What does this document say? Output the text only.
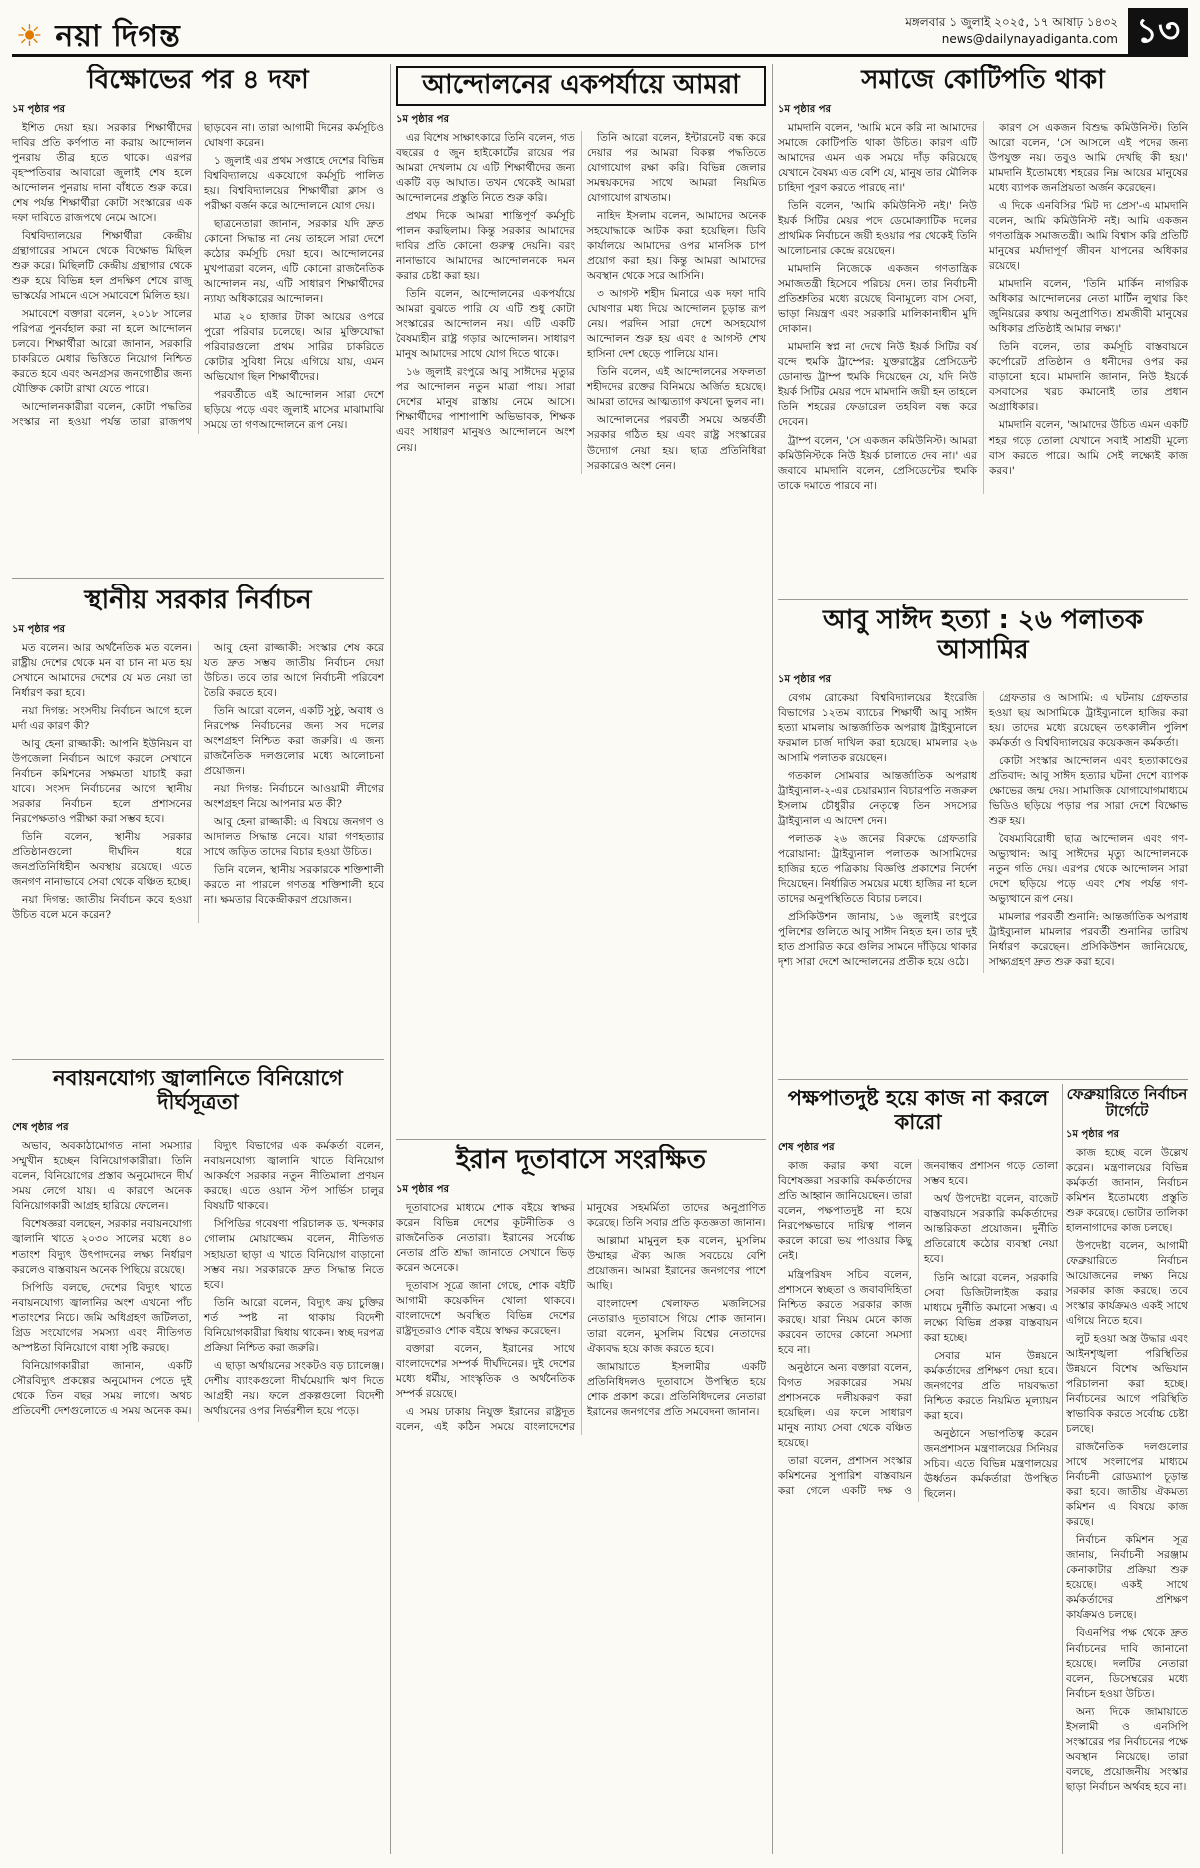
☀ নয়া দিগন্ত	মঙ্গলবার ১ জুলাই ২০২৫, ১৭ আষাঢ় ১৪৩২
news@dailynayadiganta.com ১৩
বিক্ষোভের পর ৪ দফা
১ম পৃষ্ঠার পর

ইশিত দেয়া হয়। সরকার শিক্ষার্থীদের দাবির প্রতি কর্ণপাত না করায় আন্দোলন পুনরায় তীব্র হতে থাকে। এরপর বৃহস্পতিবার আবারো জুলাই শেষ হলে আন্দোলন পুনরায় দানা বাঁধতে শুরু করে। শেষ পর্যন্ত শিক্ষার্থীরা কোটা সংস্কারের এক দফা দাবিতে রাজপথে নেমে আসে।

বিশ্ববিদ্যালয়ের শিক্ষার্থীরা কেন্দ্রীয় গ্রন্থাগারের সামনে থেকে বিক্ষোভ মিছিল শুরু করে। মিছিলটি কেন্দ্রীয় গ্রন্থাগার থেকে শুরু হয়ে বিভিন্ন হল প্রদক্ষিণ শেষে রাজু ভাস্কর্যের সামনে এসে সমাবেশে মিলিত হয়।

সমাবেশে বক্তারা বলেন, ২০১৮ সালের পরিপত্র পুনর্বহাল করা না হলে আন্দোলন চলবে। শিক্ষার্থীরা আরো জানান, সরকারি চাকরিতে মেধার ভিত্তিতে নিয়োগ নিশ্চিত করতে হবে এবং অনগ্রসর জনগোষ্ঠীর জন্য যৌক্তিক কোটা রাখা যেতে পারে।

আন্দোলনকারীরা বলেন, কোটা পদ্ধতির সংস্কার না হওয়া পর্যন্ত তারা রাজপথ ছাড়বেন না। তারা আগামী দিনের কর্মসূচিও ঘোষণা করেন।

১ জুলাই এর প্রথম সপ্তাহে দেশের বিভিন্ন বিশ্ববিদ্যালয়ে একযোগে কর্মসূচি পালিত হয়। বিশ্ববিদ্যালয়ের শিক্ষার্থীরা ক্লাস ও পরীক্ষা বর্জন করে আন্দোলনে যোগ দেয়।

ছাত্রনেতারা জানান, সরকার যদি দ্রুত কোনো সিদ্ধান্ত না নেয় তাহলে সারা দেশে কঠোর কর্মসূচি দেয়া হবে। আন্দোলনের মুখপাত্ররা বলেন, এটি কোনো রাজনৈতিক আন্দোলন নয়, এটি সাধারণ শিক্ষার্থীদের ন্যায্য অধিকারের আন্দোলন।

মাত্র ২০ হাজার টাকা আয়ের ওপরে পুরো পরিবার চলেছে। আর মুক্তিযোদ্ধা পরিবারগুলো প্রথম সারির চাকরিতে কোটার সুবিধা নিয়ে এগিয়ে যায়, এমন অভিযোগ ছিল শিক্ষার্থীদের।

পরবর্তীতে এই আন্দোলন সারা দেশে ছড়িয়ে পড়ে এবং জুলাই মাসের মাঝামাঝি সময়ে তা গণআন্দোলনে রূপ নেয়।

স্থানীয় সরকার নির্বাচন
১ম পৃষ্ঠার পর

মত বলেন। আর অর্থনৈতিক মত বলেন। রাষ্ট্রীয় দেশের থেকে মন বা চান না মত হয় সেখানে আমাদের দেশের যে মত নেয়া তা নির্ধারণ করা হবে।

নয়া দিগন্ত: সংসদীয় নির্বাচন আগে হলে মর্দা এর কারণ কী?

আবু হেনা রাজ্জাকী: আপনি ইউনিয়ন বা উপজেলা নির্বাচন আগে করলে সেখানে নির্বাচন কমিশনের সক্ষমতা যাচাই করা যাবে। সংসদ নির্বাচনের আগে স্থানীয় সরকার নির্বাচন হলে প্রশাসনের নিরপেক্ষতাও পরীক্ষা করা সম্ভব হবে।

তিনি বলেন, স্থানীয় সরকার প্রতিষ্ঠানগুলো দীর্ঘদিন ধরে জনপ্রতিনিধিহীন অবস্থায় রয়েছে। এতে জনগণ নানাভাবে সেবা থেকে বঞ্চিত হচ্ছে।

নয়া দিগন্ত: জাতীয় নির্বাচন কবে হওয়া উচিত বলে মনে করেন?

আবু হেনা রাজ্জাকী: সংস্কার শেষ করে যত দ্রুত সম্ভব জাতীয় নির্বাচন দেয়া উচিত। তবে তার আগে নির্বাচনী পরিবেশ তৈরি করতে হবে।

তিনি আরো বলেন, একটি সুষ্ঠু, অবাধ ও নিরপেক্ষ নির্বাচনের জন্য সব দলের অংশগ্রহণ নিশ্চিত করা জরুরি। এ জন্য রাজনৈতিক দলগুলোর মধ্যে আলোচনা প্রয়োজন।

নয়া দিগন্ত: নির্বাচনে আওয়ামী লীগের অংশগ্রহণ নিয়ে আপনার মত কী?

আবু হেনা রাজ্জাকী: এ বিষয়ে জনগণ ও আদালত সিদ্ধান্ত নেবে। যারা গণহত্যার সাথে জড়িত তাদের বিচার হওয়া উচিত।

তিনি বলেন, স্থানীয় সরকারকে শক্তিশালী করতে না পারলে গণতন্ত্র শক্তিশালী হবে না। ক্ষমতার বিকেন্দ্রীকরণ প্রয়োজন।

নবায়নযোগ্য জ্বালানিতে বিনিয়োগে দীর্ঘসূত্রতা
শেষ পৃষ্ঠার পর

অভাব, অবকাঠামোগত নানা সমস্যার সম্মুখীন হচ্ছেন বিনিয়োগকারীরা। তিনি বলেন, বিনিয়োগের প্রস্তাব অনুমোদনে দীর্ঘ সময় লেগে যায়। এ কারণে অনেক বিনিয়োগকারী আগ্রহ হারিয়ে ফেলেন।

বিশেষজ্ঞরা বলছেন, সরকার নবায়নযোগ্য জ্বালানি খাতে ২০৩০ সালের মধ্যে ৪০ শতাংশ বিদ্যুৎ উৎপাদনের লক্ষ্য নির্ধারণ করলেও বাস্তবায়ন অনেক পিছিয়ে রয়েছে।

সিপিডি বলছে, দেশের বিদ্যুৎ খাতে নবায়নযোগ্য জ্বালানির অংশ এখনো পাঁচ শতাংশের নিচে। জমি অধিগ্রহণ জটিলতা, গ্রিড সংযোগের সমস্যা এবং নীতিগত অস্পষ্টতা বিনিয়োগে বাধা সৃষ্টি করছে।

বিনিয়োগকারীরা জানান, একটি সৌরবিদ্যুৎ প্রকল্পের অনুমোদন পেতে দুই থেকে তিন বছর সময় লাগে। অথচ প্রতিবেশী দেশগুলোতে এ সময় অনেক কম।

বিদ্যুৎ বিভাগের এক কর্মকর্তা বলেন, নবায়নযোগ্য জ্বালানি খাতে বিনিয়োগ আকর্ষণে সরকার নতুন নীতিমালা প্রণয়ন করছে। এতে ওয়ান স্টপ সার্ভিস চালুর বিষয়টি থাকবে।

সিপিডির গবেষণা পরিচালক ড. খন্দকার গোলাম মোয়াজ্জেম বলেন, নীতিগত সহায়তা ছাড়া এ খাতে বিনিয়োগ বাড়ানো সম্ভব নয়। সরকারকে দ্রুত সিদ্ধান্ত নিতে হবে।

তিনি আরো বলেন, বিদ্যুৎ ক্রয় চুক্তির শর্ত স্পষ্ট না থাকায় বিদেশী বিনিয়োগকারীরা দ্বিধায় থাকেন। স্বচ্ছ দরপত্র প্রক্রিয়া নিশ্চিত করা জরুরি।

এ ছাড়া অর্থায়নের সংকটও বড় চ্যালেঞ্জ। দেশীয় ব্যাংকগুলো দীর্ঘমেয়াদি ঋণ দিতে আগ্রহী নয়। ফলে প্রকল্পগুলো বিদেশী অর্থায়নের ওপর নির্ভরশীল হয়ে পড়ে।

আন্দোলনের একপর্যায়ে আমরা
১ম পৃষ্ঠার পর

এর বিশেষ সাক্ষাৎকারে তিনি বলেন, গত বছরের ৫ জুন হাইকোর্টের রায়ের পর আমরা দেখলাম যে এটি শিক্ষার্থীদের জন্য একটি বড় আঘাত। তখন থেকেই আমরা আন্দোলনের প্রস্তুতি নিতে শুরু করি।

প্রথম দিকে আমরা শান্তিপূর্ণ কর্মসূচি পালন করছিলাম। কিন্তু সরকার আমাদের দাবির প্রতি কোনো গুরুত্ব দেয়নি। বরং নানাভাবে আমাদের আন্দোলনকে দমন করার চেষ্টা করা হয়।

তিনি বলেন, আন্দোলনের একপর্যায়ে আমরা বুঝতে পারি যে এটি শুধু কোটা সংস্কারের আন্দোলন নয়। এটি একটি বৈষম্যহীন রাষ্ট্র গড়ার আন্দোলন। সাধারণ মানুষ আমাদের সাথে যোগ দিতে থাকে।

১৬ জুলাই রংপুরে আবু সাঈদের মৃত্যুর পর আন্দোলন নতুন মাত্রা পায়। সারা দেশের মানুষ রাস্তায় নেমে আসে। শিক্ষার্থীদের পাশাপাশি অভিভাবক, শিক্ষক এবং সাধারণ মানুষও আন্দোলনে অংশ নেয়।

তিনি আরো বলেন, ইন্টারনেট বন্ধ করে দেয়ার পর আমরা বিকল্প পদ্ধতিতে যোগাযোগ রক্ষা করি। বিভিন্ন জেলার সমন্বয়কদের সাথে আমরা নিয়মিত যোগাযোগ রাখতাম।

নাহিদ ইসলাম বলেন, আমাদের অনেক সহযোদ্ধাকে আটক করা হয়েছিল। ডিবি কার্যালয়ে আমাদের ওপর মানসিক চাপ প্রয়োগ করা হয়। কিন্তু আমরা আমাদের অবস্থান থেকে সরে আসিনি।

৩ আগস্ট শহীদ মিনারে এক দফা দাবি ঘোষণার মধ্য দিয়ে আন্দোলন চূড়ান্ত রূপ নেয়। পরদিন সারা দেশে অসহযোগ আন্দোলন শুরু হয় এবং ৫ আগস্ট শেখ হাসিনা দেশ ছেড়ে পালিয়ে যান।

তিনি বলেন, এই আন্দোলনের সফলতা শহীদদের রক্তের বিনিময়ে অর্জিত হয়েছে। আমরা তাদের আত্মত্যাগ কখনো ভুলব না।

আন্দোলনের পরবর্তী সময়ে অন্তর্বর্তী সরকার গঠিত হয় এবং রাষ্ট্র সংস্কারের উদ্যোগ নেয়া হয়। ছাত্র প্রতিনিধিরা সরকারেও অংশ নেন।

ইরান দূতাবাসে সংরক্ষিত
১ম পৃষ্ঠার পর

দূতাবাসের মাধ্যমে শোক বইয়ে স্বাক্ষর করেন বিভিন্ন দেশের কূটনীতিক ও রাজনৈতিক নেতারা। ইরানের সর্বোচ্চ নেতার প্রতি শ্রদ্ধা জানাতে সেখানে ভিড় করেন অনেকে।

দূতাবাস সূত্রে জানা গেছে, শোক বইটি আগামী কয়েকদিন খোলা থাকবে। বাংলাদেশে অবস্থিত বিভিন্ন দেশের রাষ্ট্রদূতরাও শোক বইয়ে স্বাক্ষর করেছেন।

বক্তারা বলেন, ইরানের সাথে বাংলাদেশের সম্পর্ক দীর্ঘদিনের। দুই দেশের মধ্যে ধর্মীয়, সাংস্কৃতিক ও অর্থনৈতিক সম্পর্ক রয়েছে।

এ সময় ঢাকায় নিযুক্ত ইরানের রাষ্ট্রদূত বলেন, এই কঠিন সময়ে বাংলাদেশের মানুষের সহমর্মিতা তাদের অনুপ্রাণিত করেছে। তিনি সবার প্রতি কৃতজ্ঞতা জানান।

আল্লামা মামুনুল হক বলেন, মুসলিম উম্মাহর ঐক্য আজ সবচেয়ে বেশি প্রয়োজন। আমরা ইরানের জনগণের পাশে আছি।

বাংলাদেশ খেলাফত মজলিসের নেতারাও দূতাবাসে গিয়ে শোক জানান। তারা বলেন, মুসলিম বিশ্বের নেতাদের ঐক্যবদ্ধ হয়ে কাজ করতে হবে।

জামায়াতে ইসলামীর একটি প্রতিনিধিদলও দূতাবাসে উপস্থিত হয়ে শোক প্রকাশ করে। প্রতিনিধিদলের নেতারা ইরানের জনগণের প্রতি সমবেদনা জানান।

সমাজে কোটিপতি থাকা
১ম পৃষ্ঠার পর

মামদানি বলেন, 'আমি মনে করি না আমাদের সমাজে কোটিপতি থাকা উচিত। কারণ এটি আমাদের এমন এক সময়ে দাঁড় করিয়েছে যেখানে বৈষম্য এত বেশি যে, মানুষ তার মৌলিক চাহিদা পূরণ করতে পারছে না।'

তিনি বলেন, 'আমি কমিউনিস্ট নই।' নিউ ইয়র্ক সিটির মেয়র পদে ডেমোক্র্যাটিক দলের প্রাথমিক নির্বাচনে জয়ী হওয়ার পর থেকেই তিনি আলোচনার কেন্দ্রে রয়েছেন।

মামদানি নিজেকে একজন গণতান্ত্রিক সমাজতন্ত্রী হিসেবে পরিচয় দেন। তার নির্বাচনী প্রতিশ্রুতির মধ্যে রয়েছে বিনামূল্যে বাস সেবা, ভাড়া নিয়ন্ত্রণ এবং সরকারি মালিকানাধীন মুদি দোকান।

মামদানি স্বপ্ন না দেখে নিউ ইয়র্ক সিটির বর্ষ বন্দে হুমকি ট্রাম্পের: যুক্তরাষ্ট্রের প্রেসিডেন্ট ডোনাল্ড ট্রাম্প হুমকি দিয়েছেন যে, যদি নিউ ইয়র্ক সিটির মেয়র পদে মামদানি জয়ী হন তাহলে তিনি শহরের ফেডারেল তহবিল বন্ধ করে দেবেন।

ট্রাম্প বলেন, 'সে একজন কমিউনিস্ট। আমরা কমিউনিস্টকে নিউ ইয়র্ক চালাতে দেব না।' এর জবাবে মামদানি বলেন, প্রেসিডেন্টের হুমকি তাকে দমাতে পারবে না।

কারণ সে একজন বিশুদ্ধ কমিউনিস্ট। তিনি আরো বলেন, 'সে আসলে এই পদের জন্য উপযুক্ত নয়। তবুও আমি দেখছি কী হয়।' মামদানি ইতোমধ্যে শহরের নিম্ন আয়ের মানুষের মধ্যে ব্যাপক জনপ্রিয়তা অর্জন করেছেন।

এ দিকে এনবিসির 'মিট দ্য প্রেস'-এ মামদানি বলেন, আমি কমিউনিস্ট নই। আমি একজন গণতান্ত্রিক সমাজতন্ত্রী। আমি বিশ্বাস করি প্রতিটি মানুষের মর্যাদাপূর্ণ জীবন যাপনের অধিকার রয়েছে।

মামদানি বলেন, 'তিনি মার্কিন নাগরিক অধিকার আন্দোলনের নেতা মার্টিন লুথার কিং জুনিয়রের কথায় অনুপ্রাণিত। শ্রমজীবী মানুষের অধিকার প্রতিষ্ঠাই আমার লক্ষ্য।'

তিনি বলেন, তার কর্মসূচি বাস্তবায়নে কর্পোরেট প্রতিষ্ঠান ও ধনীদের ওপর কর বাড়ানো হবে। মামদানি জানান, নিউ ইয়র্কে বসবাসের খরচ কমানোই তার প্রধান অগ্রাধিকার।

মামদানি বলেন, 'আমাদের উচিত এমন একটি শহর গড়ে তোলা যেখানে সবাই সাশ্রয়ী মূল্যে বাস করতে পারে। আমি সেই লক্ষ্যেই কাজ করব।'

আবু সাঈদ হত্যা : ২৬ পলাতক আসামির
১ম পৃষ্ঠার পর

বেগম রোকেয়া বিশ্ববিদ্যালয়ের ইংরেজি বিভাগের ১২তম ব্যাচের শিক্ষার্থী আবু সাঈদ হত্যা মামলায় আন্তর্জাতিক অপরাধ ট্রাইব্যুনালে ফরমাল চার্জ দাখিল করা হয়েছে। মামলার ২৬ আসামি পলাতক রয়েছেন।

গতকাল সোমবার আন্তর্জাতিক অপরাধ ট্রাইব্যুনাল-২-এর চেয়ারম্যান বিচারপতি নজরুল ইসলাম চৌধুরীর নেতৃত্বে তিন সদস্যের ট্রাইব্যুনাল এ আদেশ দেন।

পলাতক ২৬ জনের বিরুদ্ধে গ্রেফতারি পরোয়ানা: ট্রাইব্যুনাল পলাতক আসামিদের হাজির হতে পত্রিকায় বিজ্ঞপ্তি প্রকাশের নির্দেশ দিয়েছেন। নির্ধারিত সময়ের মধ্যে হাজির না হলে তাদের অনুপস্থিতিতে বিচার চলবে।

প্রসিকিউশন জানায়, ১৬ জুলাই রংপুরে পুলিশের গুলিতে আবু সাঈদ নিহত হন। তার দুই হাত প্রসারিত করে গুলির সামনে দাঁড়িয়ে থাকার দৃশ্য সারা দেশে আন্দোলনের প্রতীক হয়ে ওঠে।

গ্রেফতার ও আসামি: এ ঘটনায় গ্রেফতার হওয়া ছয় আসামিকে ট্রাইব্যুনালে হাজির করা হয়। তাদের মধ্যে রয়েছেন তৎকালীন পুলিশ কর্মকর্তা ও বিশ্ববিদ্যালয়ের কয়েকজন কর্মকর্তা।

কোটা সংস্কার আন্দোলন এবং হত্যাকাণ্ডের প্রতিবাদ: আবু সাঈদ হত্যার ঘটনা দেশে ব্যাপক ক্ষোভের জন্ম দেয়। সামাজিক যোগাযোগমাধ্যমে ভিডিও ছড়িয়ে পড়ার পর সারা দেশে বিক্ষোভ শুরু হয়।

বৈষম্যবিরোধী ছাত্র আন্দোলন এবং গণ-অভ্যুত্থান: আবু সাঈদের মৃত্যু আন্দোলনকে নতুন গতি দেয়। এরপর থেকে আন্দোলন সারা দেশে ছড়িয়ে পড়ে এবং শেষ পর্যন্ত গণ-অভ্যুত্থানে রূপ নেয়।

মামলার পরবর্তী শুনানি: আন্তর্জাতিক অপরাধ ট্রাইব্যুনাল মামলার পরবর্তী শুনানির তারিখ নির্ধারণ করেছেন। প্রসিকিউশন জানিয়েছে, সাক্ষ্যগ্রহণ দ্রুত শুরু করা হবে।

পক্ষপাতদুষ্ট হয়ে কাজ না করলে কারো
শেষ পৃষ্ঠার পর

কাজ করার কথা বলে বিশেষজ্ঞরা সরকারি কর্মকর্তাদের প্রতি আহ্বান জানিয়েছেন। তারা বলেন, পক্ষপাতদুষ্ট না হয়ে নিরপেক্ষভাবে দায়িত্ব পালন করলে কারো ভয় পাওয়ার কিছু নেই।

মন্ত্রিপরিষদ সচিব বলেন, প্রশাসনে স্বচ্ছতা ও জবাবদিহিতা নিশ্চিত করতে সরকার কাজ করছে। যারা নিয়ম মেনে কাজ করবেন তাদের কোনো সমস্যা হবে না।

অনুষ্ঠানে অন্য বক্তারা বলেন, বিগত সরকারের সময় প্রশাসনকে দলীয়করণ করা হয়েছিল। এর ফলে সাধারণ মানুষ ন্যায্য সেবা থেকে বঞ্চিত হয়েছে।

তারা বলেন, প্রশাসন সংস্কার কমিশনের সুপারিশ বাস্তবায়ন করা গেলে একটি দক্ষ ও জনবান্ধব প্রশাসন গড়ে তোলা সম্ভব হবে।

অর্থ উপদেষ্টা বলেন, বাজেট বাস্তবায়নে সরকারি কর্মকর্তাদের আন্তরিকতা প্রয়োজন। দুর্নীতি প্রতিরোধে কঠোর ব্যবস্থা নেয়া হবে।

তিনি আরো বলেন, সরকারি সেবা ডিজিটালাইজ করার মাধ্যমে দুর্নীতি কমানো সম্ভব। এ লক্ষ্যে বিভিন্ন প্রকল্প বাস্তবায়ন করা হচ্ছে।

সেবার মান উন্নয়নে কর্মকর্তাদের প্রশিক্ষণ দেয়া হবে। জনগণের প্রতি দায়বদ্ধতা নিশ্চিত করতে নিয়মিত মূল্যায়ন করা হবে।

অনুষ্ঠানে সভাপতিত্ব করেন জনপ্রশাসন মন্ত্রণালয়ের সিনিয়র সচিব। এতে বিভিন্ন মন্ত্রণালয়ের ঊর্ধ্বতন কর্মকর্তারা উপস্থিত ছিলেন।

ফেব্রুয়ারিতে নির্বাচন টার্গেটে
১ম পৃষ্ঠার পর

কাজ হচ্ছে বলে উল্লেখ করেন। মন্ত্রণালয়ের বিভিন্ন কর্মকর্তা জানান, নির্বাচন কমিশন ইতোমধ্যে প্রস্তুতি শুরু করেছে। ভোটার তালিকা হালনাগাদের কাজ চলছে।

উপদেষ্টা বলেন, আগামী ফেব্রুয়ারিতে নির্বাচন আয়োজনের লক্ষ্য নিয়ে সরকার কাজ করছে। তবে সংস্কার কার্যক্রমও একই সাথে এগিয়ে নিতে হবে।

লুট হওয়া অস্ত্র উদ্ধার এবং আইনশৃঙ্খলা পরিস্থিতির উন্নয়নে বিশেষ অভিযান পরিচালনা করা হচ্ছে। নির্বাচনের আগে পরিস্থিতি স্বাভাবিক করতে সর্বোচ্চ চেষ্টা চলছে।

রাজনৈতিক দলগুলোর সাথে সংলাপের মাধ্যমে নির্বাচনী রোডম্যাপ চূড়ান্ত করা হবে। জাতীয় ঐকমত্য কমিশন এ বিষয়ে কাজ করছে।

নির্বাচন কমিশন সূত্র জানায়, নির্বাচনী সরঞ্জাম কেনাকাটার প্রক্রিয়া শুরু হয়েছে। একই সাথে কর্মকর্তাদের প্রশিক্ষণ কার্যক্রমও চলছে।

বিএনপির পক্ষ থেকে দ্রুত নির্বাচনের দাবি জানানো হয়েছে। দলটির নেতারা বলেন, ডিসেম্বরের মধ্যে নির্বাচন হওয়া উচিত।

অন্য দিকে জামায়াতে ইসলামী ও এনসিপি সংস্কারের পর নির্বাচনের পক্ষে অবস্থান নিয়েছে। তারা বলছে, প্রয়োজনীয় সংস্কার ছাড়া নির্বাচন অর্থবহ হবে না।
